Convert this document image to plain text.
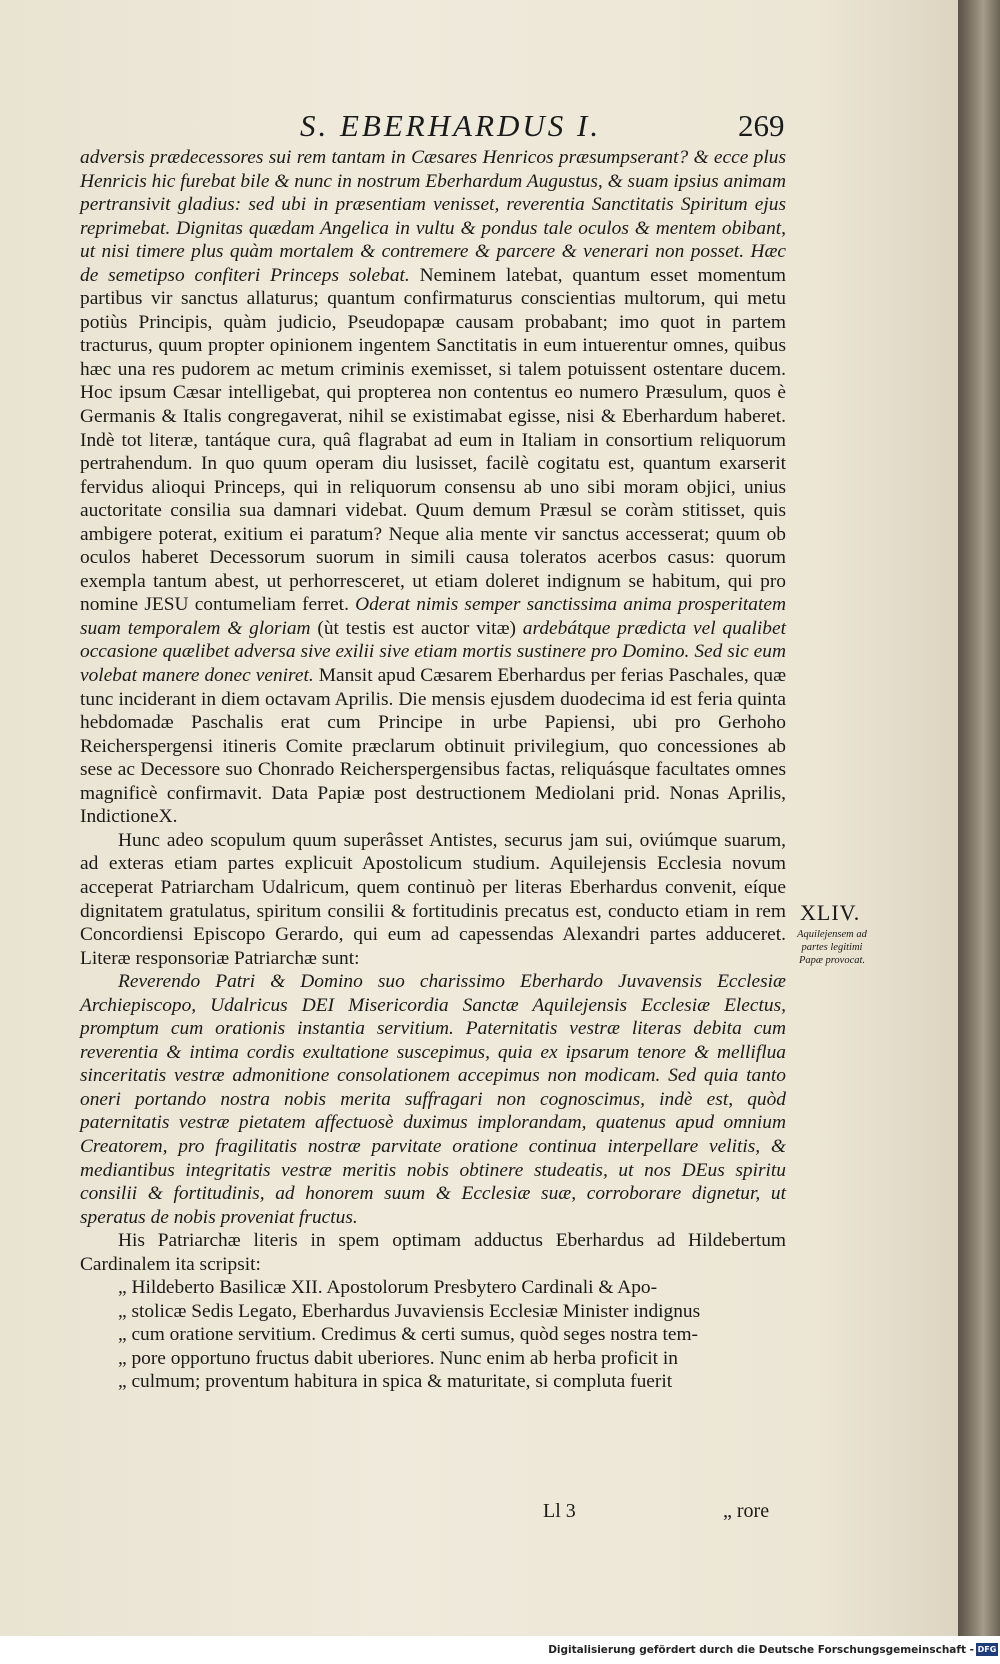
S. EBERHARDUS I.	269

adversis prædecessores sui rem tantam in Cæsares Henricos præsumpserant? & ecce plus Henricis hic furebat bile & nunc in nostrum Eberhardum Augustus, & suam ipsius animam pertransivit gladius: sed ubi in præsentiam venisset, reverentia Sanctitatis Spiritum ejus reprimebat. Dignitas quædam Angelica in vultu & pondus tale oculos & mentem obibant, ut nisi timere plus quàm mortalem & contremere & parcere & venerari non posset. Hæc de semetipso confiteri Princeps solebat. Neminem latebat, quantum esset momentum partibus vir sanctus allaturus; quantum confirmaturus conscientias multorum, qui metu potiùs Principis, quàm judicio, Pseudopapæ causam probabant; imo quot in partem tracturus, quum propter opinionem ingentem Sanctitatis in eum intuerentur omnes, quibus hæc una res pudorem ac metum criminis exemisset, si talem potuissent ostentare ducem. Hoc ipsum Cæsar intelligebat, qui propterea non contentus eo numero Præsulum, quos è Germanis & Italis congregaverat, nihil se existimabat egisse, nisi & Eberhardum haberet. Indè tot literæ, tantáque cura, quâ flagrabat ad eum in Italiam in consortium reliquorum pertrahendum. In quo quum operam diu lusisset, facilè cogitatu est, quantum exarserit fervidus alioqui Princeps, qui in reliquorum consensu ab uno sibi moram objici, unius auctoritate consilia sua damnari videbat. Quum demum Præsul se coràm stitisset, quis ambigere poterat, exitium ei paratum? Neque alia mente vir sanctus accesserat; quum ob oculos haberet Decessorum suorum in simili causa toleratos acerbos casus: quorum exempla tantum abest, ut perhorresceret, ut etiam doleret indignum se habitum, qui pro nomine JESU contumeliam ferret. Oderat nimis semper sanctissima anima prosperitatem suam temporalem & gloriam (ùt testis est auctor vitæ) ardebátque prædicta vel qualibet occasione quælibet adversa sive exilii sive etiam mortis sustinere pro Domino. Sed sic eum volebat manere donec veniret. Mansit apud Cæsarem Eberhardus per ferias Paschales, quæ tunc inciderant in diem octavam Aprilis. Die mensis ejusdem duodecima id est feria quinta hebdomadæ Paschalis erat cum Principe in urbe Papiensi, ubi pro Gerhoho Reicherspergensi itineris Comite præclarum obtinuit privilegium, quo concessiones ab sese ac Decessore suo Chonrado Reicherspergensibus factas, reliquásque facultates omnes magnificè confirmavit. Data Papiæ post destructionem Mediolani prid. Nonas Aprilis, IndictioneX.

Hunc adeo scopulum quum superâsset Antistes, securus jam sui, oviúmque suarum, ad exteras etiam partes explicuit Apostolicum studium. Aquilejensis Ecclesia novum acceperat Patriarcham Udalricum, quem continuò per literas Eberhardus convenit, eíque dignitatem gratulatus, spiritum consilii & fortitudinis precatus est, conducto etiam in rem Concordiensi Episcopo Gerardo, qui eum ad capessendas Alexandri partes adduceret. Literæ responsoriæ Patriarchæ sunt:

Reverendo Patri & Domino suo charissimo Eberhardo Juvavensis Ecclesiæ Archiepiscopo, Udalricus DEI Misericordia Sanctæ Aquilejensis Ecclesiæ Electus, promptum cum orationis instantia servitium. Paternitatis vestræ literas debita cum reverentia & intima cordis exultatione suscepimus, quia ex ipsarum tenore & melliflua sinceritatis vestræ admonitione consolationem accepimus non modicam. Sed quia tanto oneri portando nostra nobis merita suffragari non cognoscimus, indè est, quòd paternitatis vestræ pietatem affectuosè duximus implorandam, quatenus apud omnium Creatorem, pro fragilitatis nostræ parvitate oratione continua interpellare velitis, & mediantibus integritatis vestræ meritis nobis obtinere studeatis, ut nos DEus spiritu consilii & fortitudinis, ad honorem suum & Ecclesiæ suæ, corroborare dignetur, ut speratus de nobis proveniat fructus.

His Patriarchæ literis in spem optimam adductus Eberhardus ad Hildebertum Cardinalem ita scripsit:

„ Hildeberto Basilicæ XII. Apostolorum Presbytero Cardinali & Apo-
„ stolicæ Sedis Legato, Eberhardus Juvaviensis Ecclesiæ Minister indignus
„ cum oratione servitium. Credimus & certi sumus, quòd seges nostra tem-
„ pore opportuno fructus dabit uberiores. Nunc enim ab herba proficit in
„ culmum; proventum habitura in spica & maturitate, si compluta fuerit

XLIV.
Aquilejensem ad partes legitimi Papæ provocat.
Ll 3	„ rore
Digitalisierung gefördert durch die Deutsche Forschungsgemeinschaft - DFG
